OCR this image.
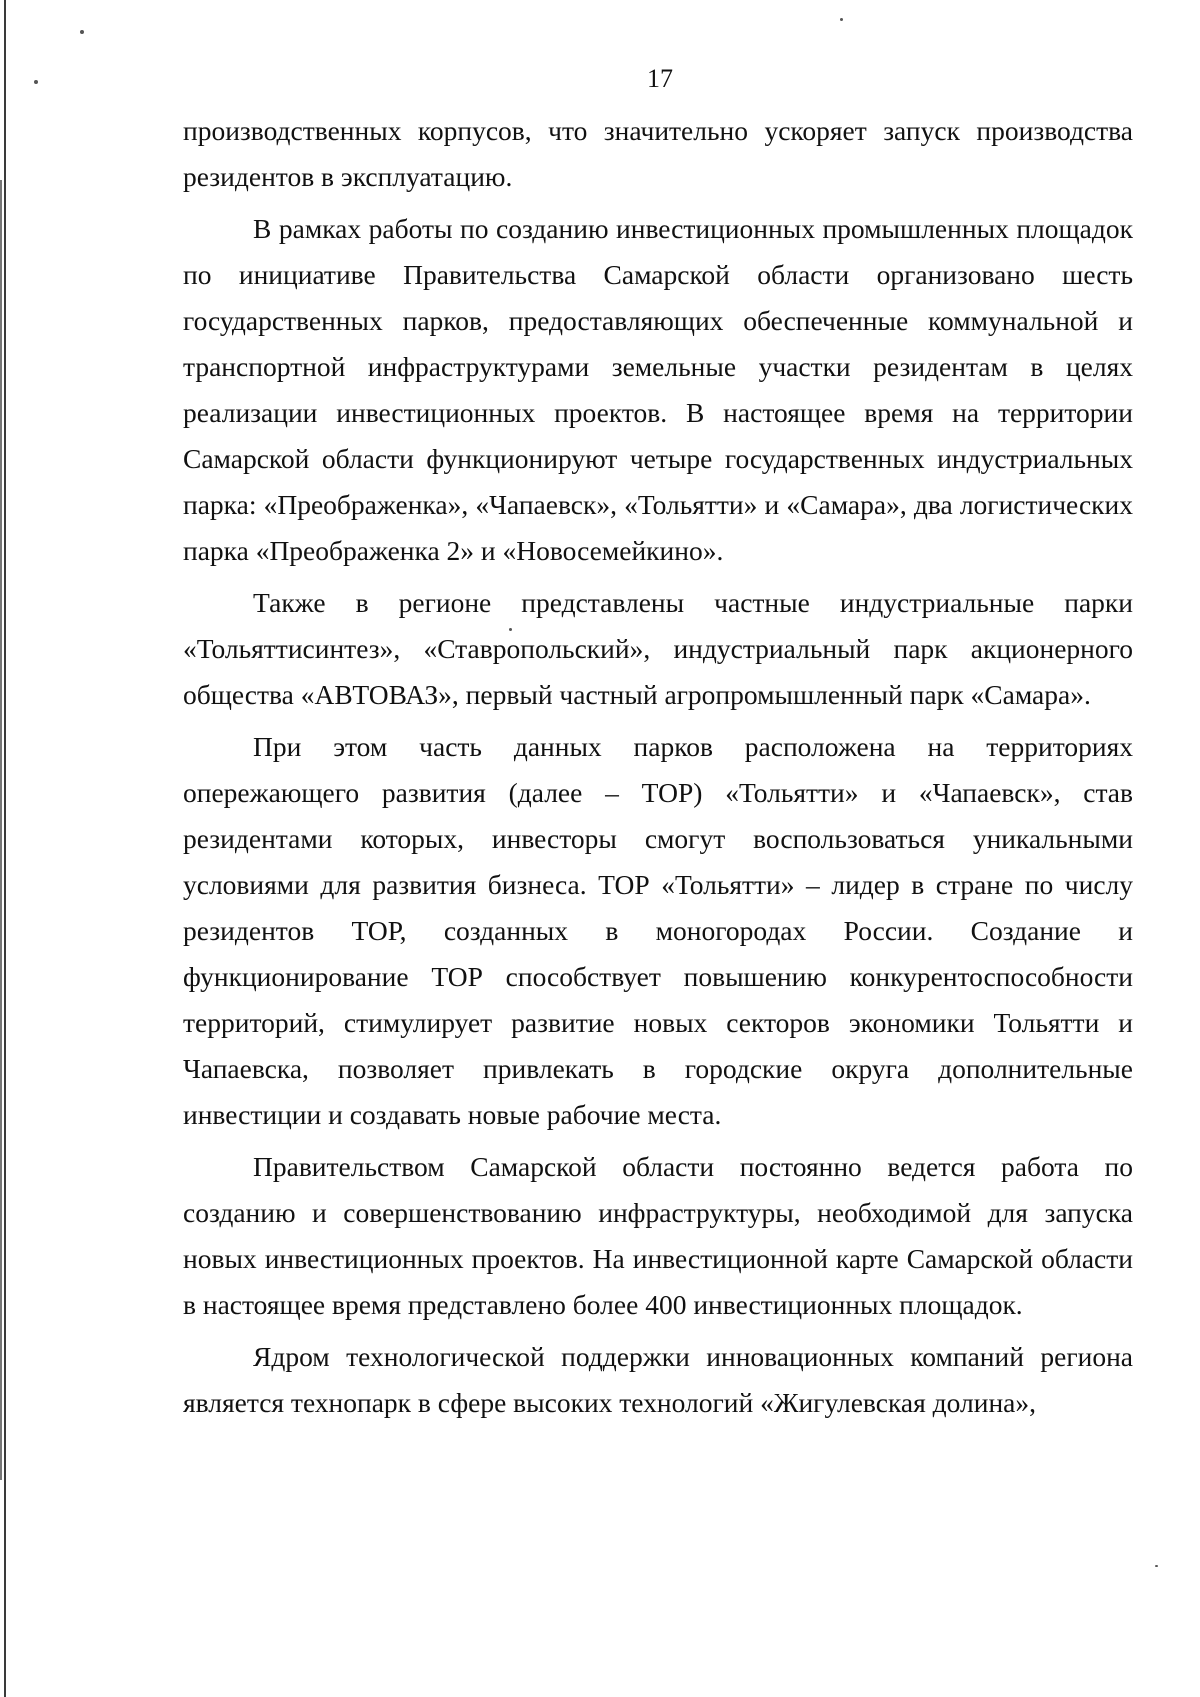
17

производственных корпусов, что значительно ускоряет запуск производства резидентов в эксплуатацию.

В рамках работы по созданию инвестиционных промышленных площадок по инициативе Правительства Самарской области организовано шесть государственных парков, предоставляющих обеспеченные коммунальной и транспортной инфраструктурами земельные участки резидентам в целях реализации инвестиционных проектов. В настоящее время на территории Самарской области функционируют четыре государственных индустриальных парка: «Преображенка», «Чапаевск», «Тольятти» и «Самара», два логистических парка «Преображенка 2» и «Новосемейкино».

Также в регионе представлены частные индустриальные парки «Тольяттисинтез», «Ставропольский», индустриальный парк акционерного общества «АВТОВАЗ», первый частный агропромышленный парк «Самара».

При этом часть данных парков расположена на территориях опережающего развития (далее – ТОР) «Тольятти» и «Чапаевск», став резидентами которых, инвесторы смогут воспользоваться уникальными условиями для развития бизнеса. ТОР «Тольятти» – лидер в стране по числу резидентов ТОР, созданных в моногородах России. Создание и функционирование ТОР способствует повышению конкурентоспособности территорий, стимулирует развитие новых секторов экономики Тольятти и Чапаевска, позволяет привлекать в городские округа дополнительные инвестиции и создавать новые рабочие места.

Правительством Самарской области постоянно ведется работа по созданию и совершенствованию инфраструктуры, необходимой для запуска новых инвестиционных проектов. На инвестиционной карте Самарской области в настоящее время представлено более 400 инвестиционных площадок.

Ядром технологической поддержки инновационных компаний региона является технопарк в сфере высоких технологий «Жигулевская долина»,
